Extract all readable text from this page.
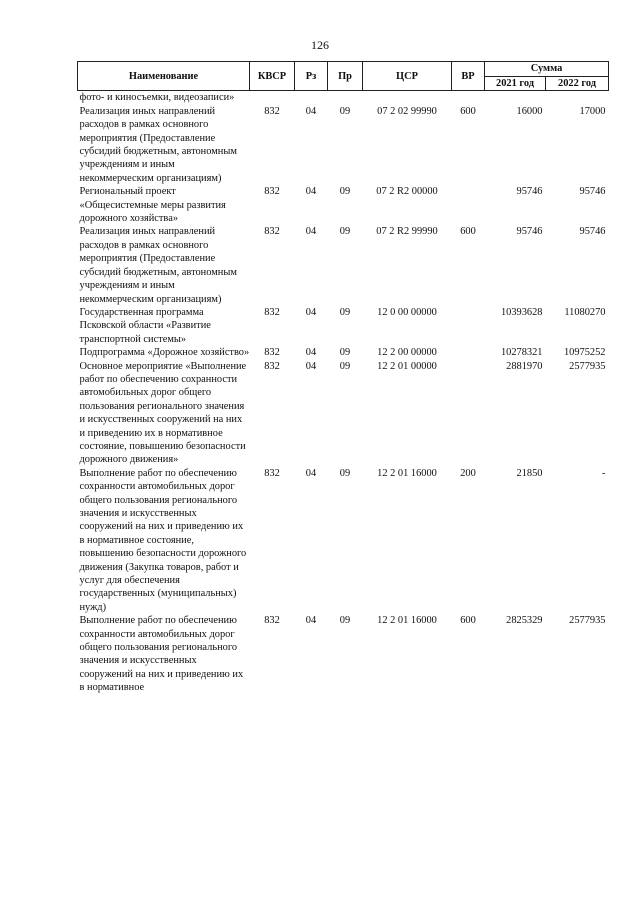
126
Наименование	КВСР	Рз	Пр	ЦСР	ВР	Сумма	
						2021 год	2022 год
фото- и киносъемки, видеозаписи»							
Реализация иных направлений расходов в рамках основного мероприятия (Предоставление субсидий бюджетным, автономным учреждениям и иным некоммерческим организациям)	832	04	09	07 2 02 99990	600	16000	17000
Региональный проект «Общесистемные меры развития дорожного хозяйства»	832	04	09	07 2 R2 00000		95746	95746
Реализация иных направлений расходов в рамках основного мероприятия (Предоставление субсидий бюджетным, автономным учреждениям и иным некоммерческим организациям)	832	04	09	07 2 R2 99990	600	95746	95746
Государственная программа Псковской области «Развитие транспортной системы»	832	04	09	12 0 00 00000		10393628	11080270
Подпрограмма «Дорожное хозяйство»	832	04	09	12 2 00 00000		10278321	10975252
Основное мероприятие «Выполнение работ по обеспечению сохранности автомобильных дорог общего пользования регионального значения и искусственных сооружений на них и приведению их в нормативное состояние, повышению безопасности дорожного движения»	832	04	09	12 2 01 00000		2881970	2577935
Выполнение работ по обеспечению сохранности автомобильных дорог общего пользования регионального значения и искусственных сооружений на них и приведению их в нормативное состояние, повышению безопасности дорожного движения (Закупка товаров, работ и услуг для обеспечения государственных (муниципальных) нужд)	832	04	09	12 2 01 16000	200	21850	-
Выполнение работ по обеспечению сохранности автомобильных дорог общего пользования регионального значения и искусственных сооружений на них и приведению их в нормативное	832	04	09	12 2 01 16000	600	2825329	2577935
